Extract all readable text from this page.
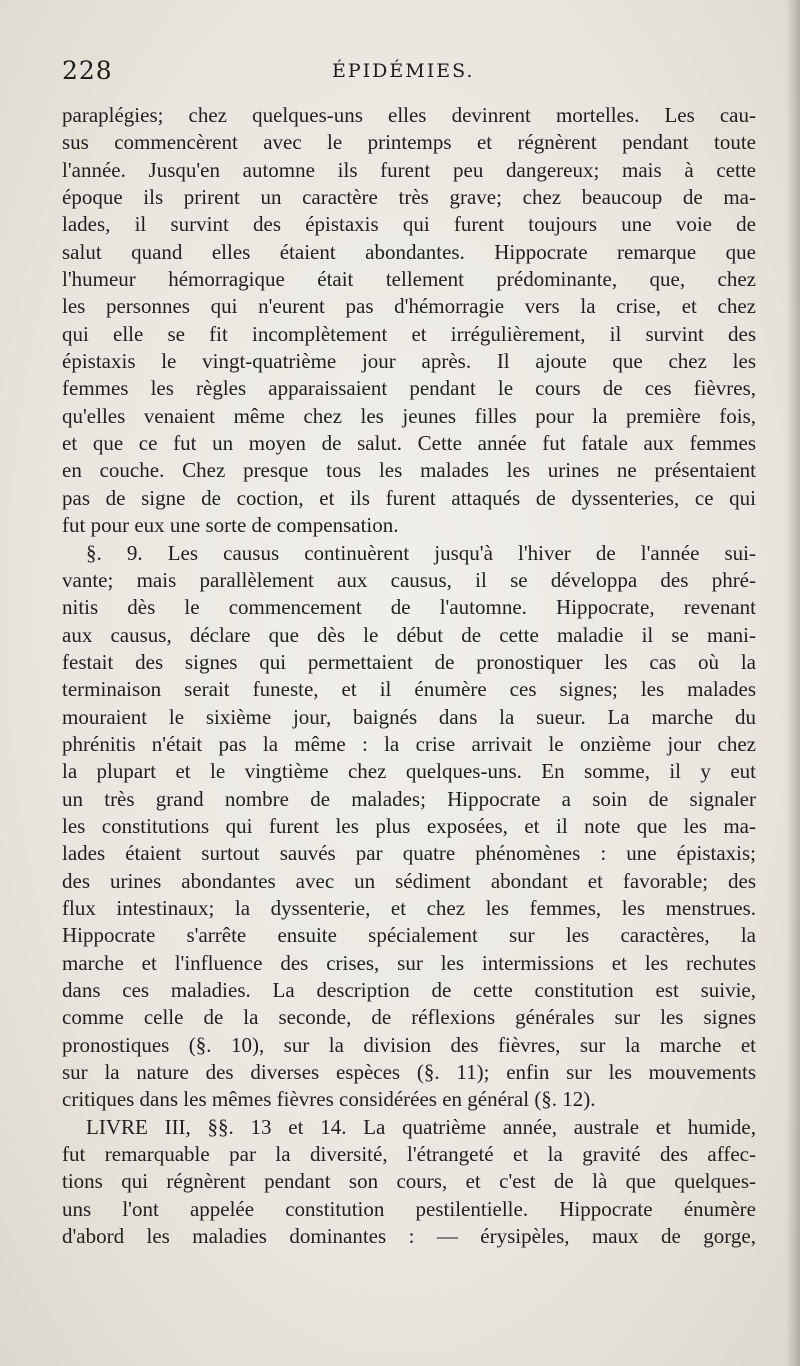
228	ÉPIDÉMIES.
paraplégies; chez quelques-uns elles devinrent mortelles. Les cau-
sus commencèrent avec le printemps et régnèrent pendant toute
l'année. Jusqu'en automne ils furent peu dangereux; mais à cette
époque ils prirent un caractère très grave; chez beaucoup de ma-
lades, il survint des épistaxis qui furent toujours une voie de
salut quand elles étaient abondantes. Hippocrate remarque que
l'humeur hémorragique était tellement prédominante, que, chez
les personnes qui n'eurent pas d'hémorragie vers la crise, et chez
qui elle se fit incomplètement et irrégulièrement, il survint des
épistaxis le vingt-quatrième jour après. Il ajoute que chez les
femmes les règles apparaissaient pendant le cours de ces fièvres,
qu'elles venaient même chez les jeunes filles pour la première fois,
et que ce fut un moyen de salut. Cette année fut fatale aux femmes
en couche. Chez presque tous les malades les urines ne présentaient
pas de signe de coction, et ils furent attaqués de dyssenteries, ce qui
fut pour eux une sorte de compensation.
§. 9. Les causus continuèrent jusqu'à l'hiver de l'année sui-
vante; mais parallèlement aux causus, il se développa des phré-
nitis dès le commencement de l'automne. Hippocrate, revenant
aux causus, déclare que dès le début de cette maladie il se mani-
festait des signes qui permettaient de pronostiquer les cas où la
terminaison serait funeste, et il énumère ces signes; les malades
mouraient le sixième jour, baignés dans la sueur. La marche du
phrénitis n'était pas la même : la crise arrivait le onzième jour chez
la plupart et le vingtième chez quelques-uns. En somme, il y eut
un très grand nombre de malades; Hippocrate a soin de signaler
les constitutions qui furent les plus exposées, et il note que les ma-
lades étaient surtout sauvés par quatre phénomènes : une épistaxis;
des urines abondantes avec un sédiment abondant et favorable; des
flux intestinaux; la dyssenterie, et chez les femmes, les menstrues.
Hippocrate s'arrête ensuite spécialement sur les caractères, la
marche et l'influence des crises, sur les intermissions et les rechutes
dans ces maladies. La description de cette constitution est suivie,
comme celle de la seconde, de réflexions générales sur les signes
pronostiques (§. 10), sur la division des fièvres, sur la marche et
sur la nature des diverses espèces (§. 11); enfin sur les mouvements
critiques dans les mêmes fièvres considérées en général (§. 12).
LIVRE III, §§. 13 et 14. La quatrième année, australe et humide,
fut remarquable par la diversité, l'étrangeté et la gravité des affec-
tions qui régnèrent pendant son cours, et c'est de là que quelques-
uns l'ont appelée constitution pestilentielle. Hippocrate énumère
d'abord les maladies dominantes : — érysipèles, maux de gorge,
